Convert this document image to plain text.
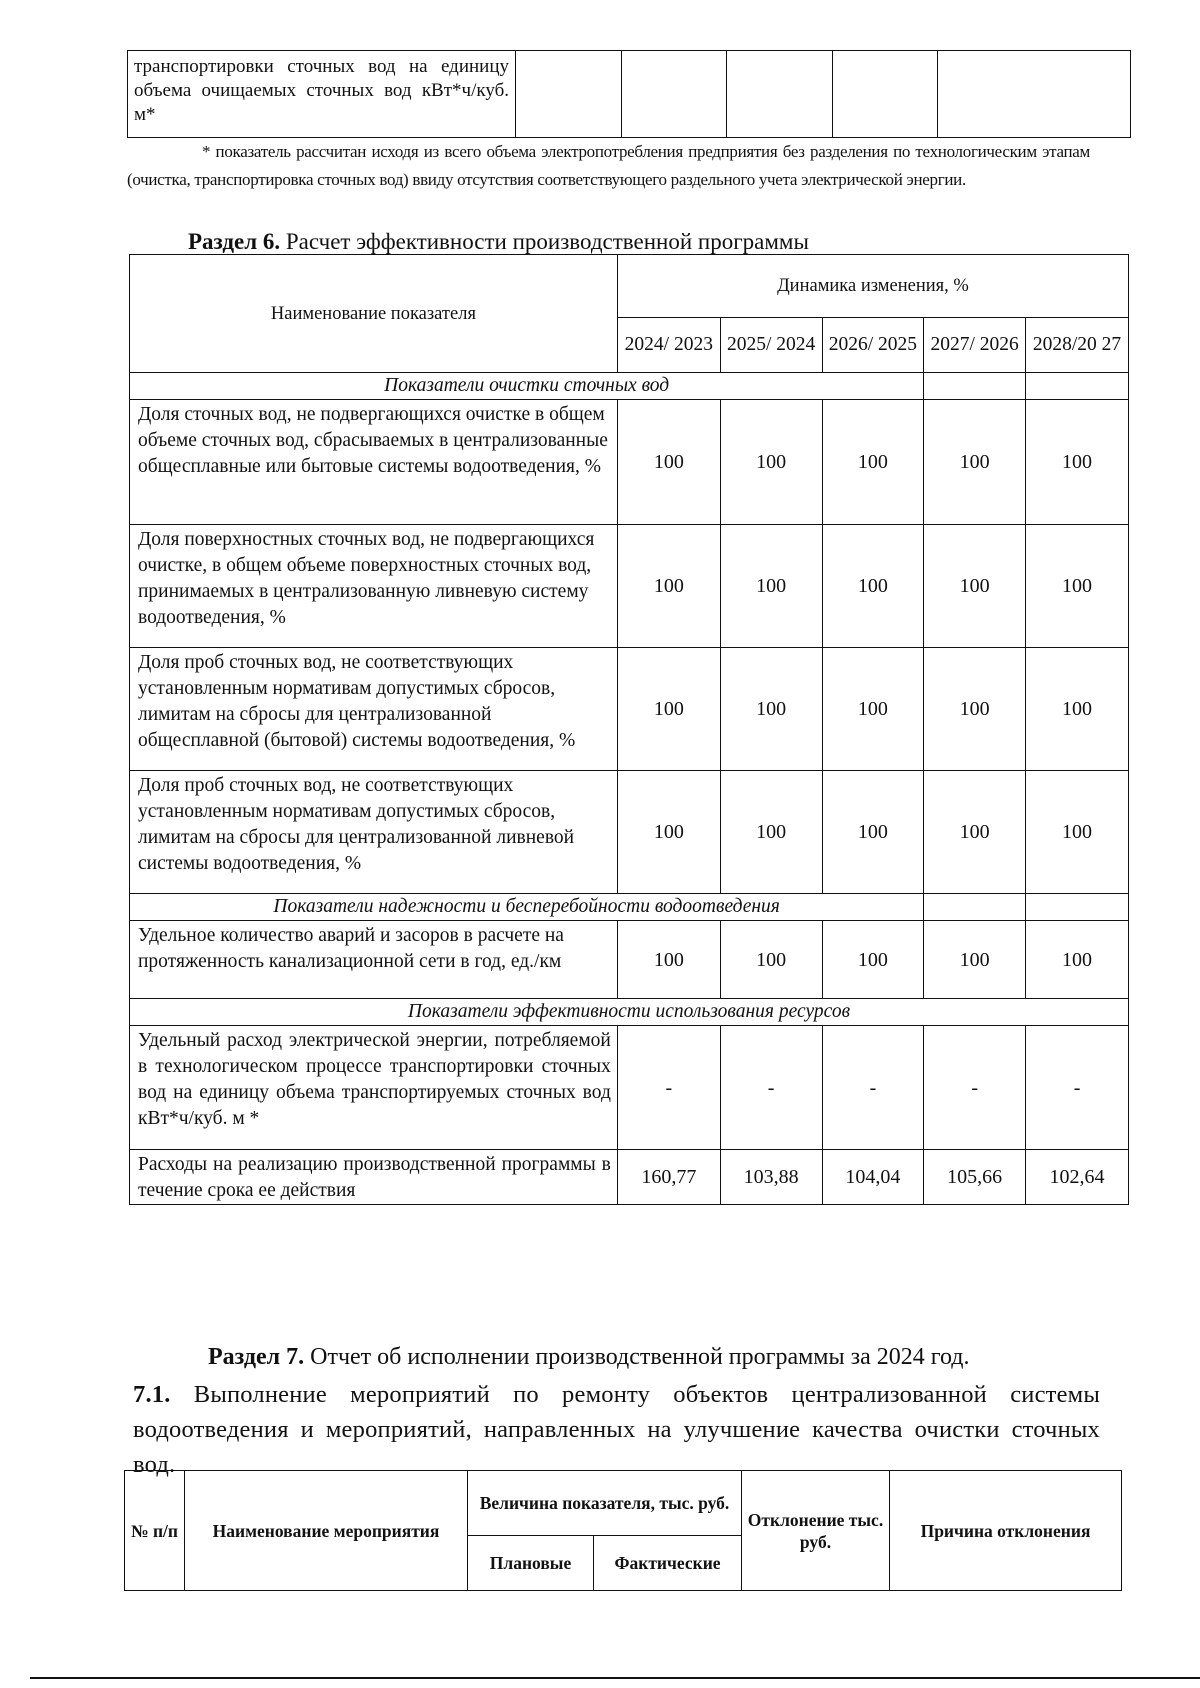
транспортировки сточных вод на единицу объема очищаемых сточных вод кВт*ч/куб. м*

* показатель рассчитан исходя из всего объема электропотребления предприятия без разделения по технологическим этапам (очистка, транспортировка сточных вод) ввиду отсутствия соответствующего раздельного учета электрической энергии.
Раздел 6. Расчет эффективности производственной программы
Наименование показателя	Динамика изменения, %				
	2024/ 2023	2025/ 2024	2026/ 2025	2027/ 2026	2028/20 27
Показатели очистки сточных вод					
Доля сточных вод, не подвергающихся очистке в общем объеме сточных вод, сбрасываемых в централизованные общесплавные или бытовые системы водоотведения, %	100	100	100	100	100
Доля поверхностных сточных вод, не подвергающихся очистке, в общем объеме поверхностных сточных вод, принимаемых в централизованную ливневую систему водоотведения, %	100	100	100	100	100
Доля проб сточных вод, не соответствующих установленным нормативам допустимых сбросов, лимитам на сбросы для централизованной общесплавной (бытовой) системы водоотведения, %	100	100	100	100	100
Доля проб сточных вод, не соответствующих установленным нормативам допустимых сбросов, лимитам на сбросы для централизованной ливневой системы водоотведения, %	100	100	100	100	100
Показатели надежности и бесперебойности водоотведения					
Удельное количество аварий и засоров в расчете на протяженность канализационной сети в год, ед./км	100	100	100	100	100
Показатели эффективности использования ресурсов					
Удельный расход электрической энергии, потребляемой в технологическом процессе транспортировки сточных вод на единицу объема транспортируемых сточных вод кВт*ч/куб. м *	-	-	-	-	-
Расходы на реализацию производственной программы в течение срока ее действия	160,77	103,88	104,04	105,66	102,64
Раздел 7. Отчет об исполнении производственной программы за 2024 год.
7.1. Выполнение мероприятий по ремонту объектов централизованной системы водоотведения и мероприятий, направленных на улучшение качества очистки сточных вод.
№ п/п	Наименование мероприятия	Величина показателя, тыс. руб.		Отклонение тыс. руб.	Причина отклонения
		Плановые	Фактические		
